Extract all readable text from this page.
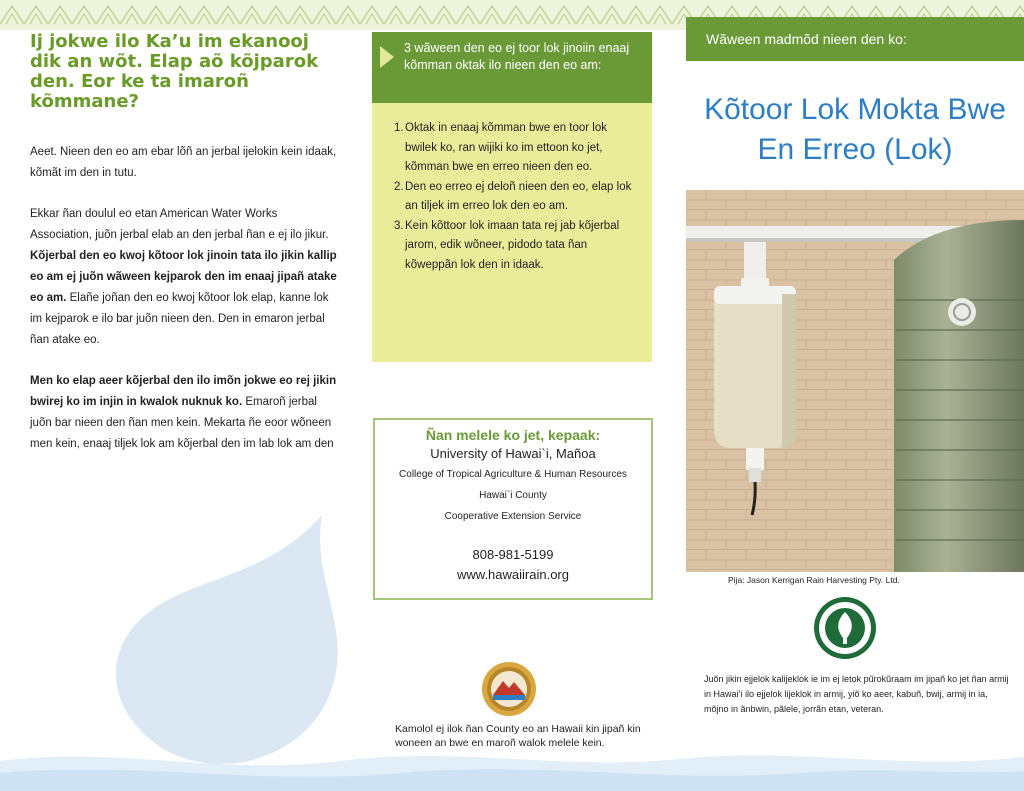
Ij jokwe ilo Ka’u im ekanooj dik an wõt. Elap aõ kõjparok den. Eor ke ta imaroñ kõmmane?

Aeet. Nieen den eo am ebar lõñ an jerbal ijelokin kein idaak, kõmãt im den in tutu.

Ekkar ñan doulul eo etan American Water Works Association, juõn jerbal elab an den jerbal ñan e ej ilo jikur. Kõjerbal den eo kwoj kõtoor lok jinoin tata ilo jikin kallip eo am ej juõn wãween kejparok den im enaaj jipañ atake eo am. Elañe joñan den eo kwoj kõtoor lok elap, kanne lok im kejparok e ilo bar juõn nieen den. Den in emaron jerbal ñan atake eo.

Men ko elap aeer kõjerbal den ilo imõn jokwe eo rej jikin bwirej ko im injin in kwalok nuknuk ko. Emaroñ jerbal juõn bar nieen den ñan men kein. Mekarta ñe eoor wõneen men kein, enaaj tiljek lok am kõjerbal den im lab lok am den

3 wãween den eo ej toor lok jinoiin enaaj kõmman oktak ilo nieen den eo am:
1. Oktak in enaaj kõmman bwe en toor lok bwilek ko, ran wijiki ko im ettoon ko jet, kõmman bwe en erreo nieen den eo.
2. Den eo erreo ej deloñ nieen den eo, elap lok an tiljek im erreo lok den eo am.
3. Kein kõttoor lok imaan tata rej jab kõjerbal jarom, edik wõneer, pidodo tata ñan kõweppãn lok den in idaak.
Ñan melele ko jet, kepaak:
University of Hawai`i, Mañoa
College of Tropical Agriculture & Human Resources
Hawai`i County
Cooperative Extension Service
808-981-5199
www.hawaiirain.org
Kamolol ej ilok ñan County eo an Hawaii kin jipañ kin woneen an bwe en maroñ walok melele kein.
Wãween madmõd nieen den ko:
Kõtoor Lok Mokta Bwe En Erreo (Lok)
Pija: Jason Kerrigan Rain Harvesting Pty. Ltd.
Juõn jikin ejjelok kalijeklok ie im ej letok pũrokũraam im jipañ ko jet ñan armij in Hawai‘i ilo ejjelok lijeklok in armij, yiõ ko aeer, kabuñ, bwij, armij in ia, mõjno in ãnbwin, pãlele, jorrãn etan, veteran.
